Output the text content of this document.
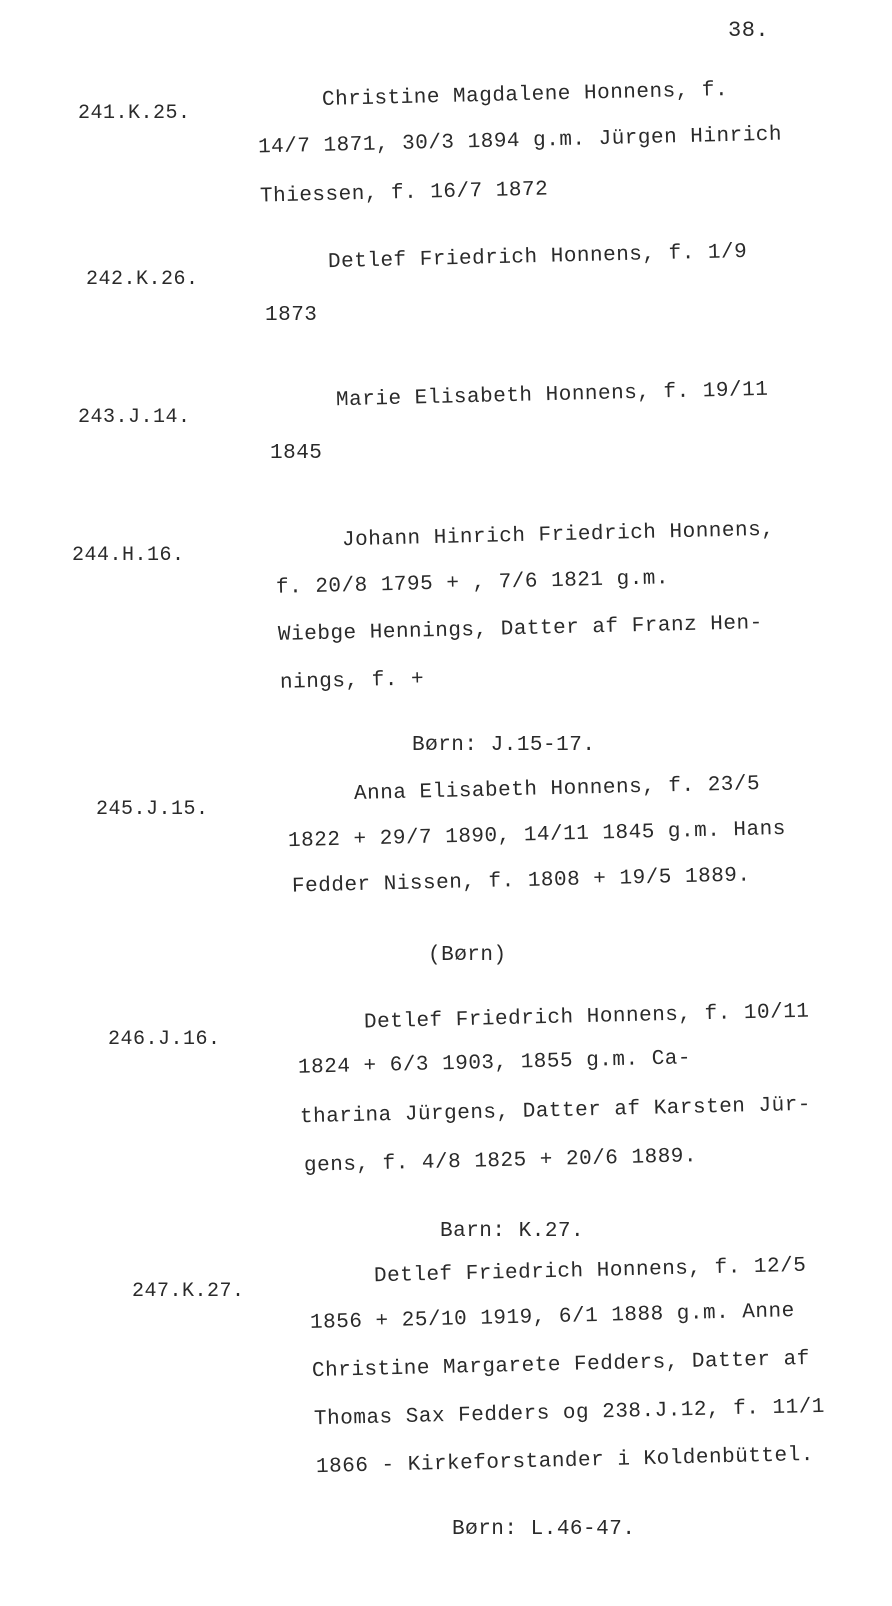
38.
241.K.25.
Christine Magdalene Honnens, f.
14/7 1871, 30/3 1894 g.m. Jürgen Hinrich
Thiessen, f. 16/7 1872
242.K.26.
Detlef Friedrich Honnens, f. 1/9
1873
243.J.14.
Marie Elisabeth Honnens, f. 19/11
1845
244.H.16.
Johann Hinrich Friedrich Honnens,
f. 20/8 1795 + , 7/6 1821 g.m.
Wiebge Hennings, Datter af Franz Hen-
nings, f. +
Børn: J.15-17.
245.J.15.
Anna Elisabeth Honnens, f. 23/5
1822 + 29/7 1890, 14/11 1845 g.m. Hans
Fedder Nissen, f. 1808 + 19/5 1889.
(Børn)
246.J.16.
Detlef Friedrich Honnens, f. 10/11
1824 + 6/3 1903, 1855 g.m. Ca-
tharina Jürgens, Datter af Karsten Jür-
gens, f. 4/8 1825 + 20/6 1889.
Barn: K.27.
247.K.27.
Detlef Friedrich Honnens, f. 12/5
1856 + 25/10 1919, 6/1 1888 g.m. Anne
Christine Margarete Fedders, Datter af
Thomas Sax Fedders og 238.J.12, f. 11/1
1866 - Kirkeforstander i Koldenbüttel.
Børn: L.46-47.
